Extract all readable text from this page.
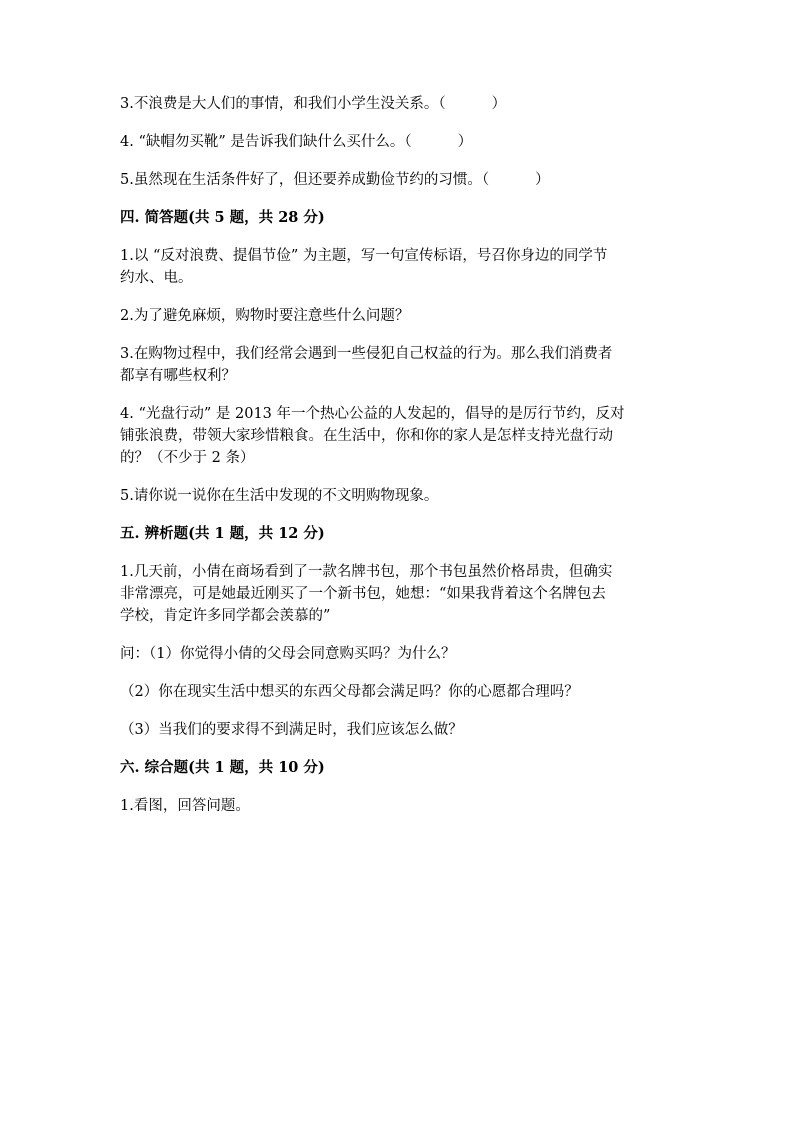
3.不浪费是大人们的事情，和我们小学生没关系。（          ）

4. “缺帽勿买靴” 是告诉我们缺什么买什么。（          ）

5.虽然现在生活条件好了，但还要养成勤俭节约的习惯。（          ）

四. 简答题(共 5 题，共 28 分)

1.以 “反对浪费、提倡节俭” 为主题，写一句宣传标语，号召你身边的同学节

约水、电。

2.为了避免麻烦，购物时要注意些什么问题？

3.在购物过程中，我们经常会遇到一些侵犯自己权益的行为。那么我们消费者

都享有哪些权利？

4. “光盘行动” 是 2013 年一个热心公益的人发起的，倡导的是厉行节约，反对

铺张浪费，带领大家珍惜粮食。在生活中，你和你的家人是怎样支持光盘行动

的？（不少于 2 条）

5.请你说一说你在生活中发现的不文明购物现象。

五. 辨析题(共 1 题，共 12 分)

1.几天前，小倩在商场看到了一款名牌书包，那个书包虽然价格昂贵，但确实

非常漂亮，可是她最近刚买了一个新书包，她想：“如果我背着这个名牌包去

学校，肯定许多同学都会羡慕的”

问：（1）你觉得小倩的父母会同意购买吗？为什么？

（2）你在现实生活中想买的东西父母都会满足吗？你的心愿都合理吗？

（3）当我们的要求得不到满足时，我们应该怎么做？

六. 综合题(共 1 题，共 10 分)

1.看图，回答问题。
